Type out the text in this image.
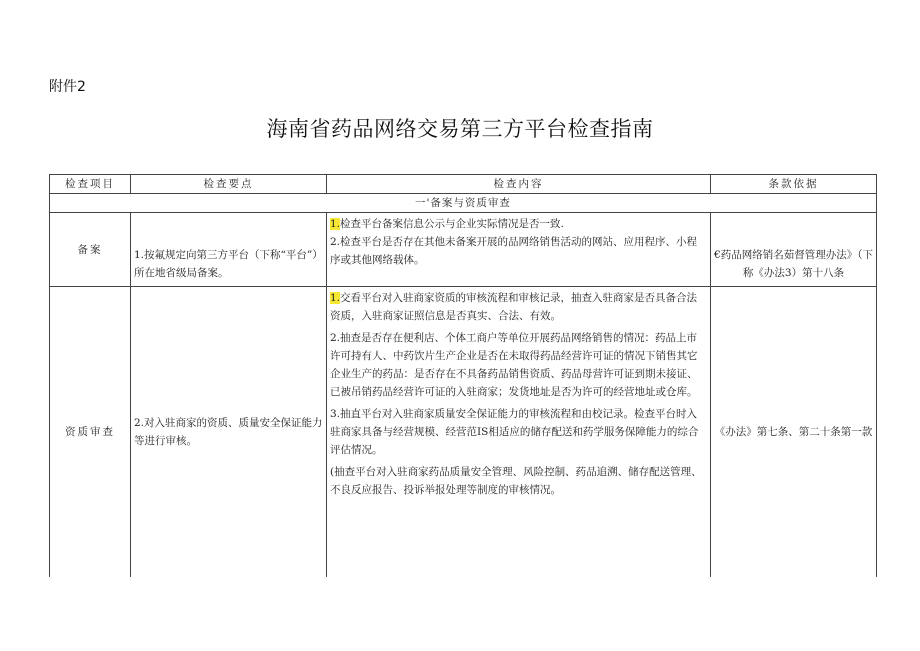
附件2
海南省药品网络交易第三方平台检查指南
检查项目	检查要点	检查内容	条款依据
一'备案与资质审查			
备案	1.按氟规定向第三方平台（下称“平台”）所在地省级局备案。	1.检查平台备案信息公示与企业实际情况是否一致.

2.检查平台是否存在其他未备案开展的品网络销售活动的网站、应用程序、小程序或其他网络载体。	€药品网络销名茹督管理办法》（下称《办法3）第十八条
资质审查	2.对入驻商家的资质、质量安全保证能力等进行审核。	1.交看平台对入驻商家资质的审核流程和审核记录，抽查入驻商家是否具备合法资质，入驻商家证照信息是否真实、合法、有效。

2.抽查是否存在便利店、个体工商户等单位开展药品网络销售的情况：药品上市许可持有人、中药饮片生产企业是否在未取得药品经营许可证的情况下销售其它企业生产的药品：是否存在不具备药品销售资质、药品母营许可证到期未接证、已被吊销药品经营许可证的入驻商家；发货地址是否为许可的经营地址或仓库。

3.抽直平台对入驻商家质量安全保证能力的审核流程和由校记录。检查平台时入驻商家具备与经营规模、经营范IS相适应的储存配送和药学服务保障能力的综合评估情况。

(抽查平台对入驻商家药品质量安全管理、风险控制、药品追溯、储存配送管理、不良反应报告、投诉举报处理等制度的审核情况。	《办法》第七条、第二十条第一款
